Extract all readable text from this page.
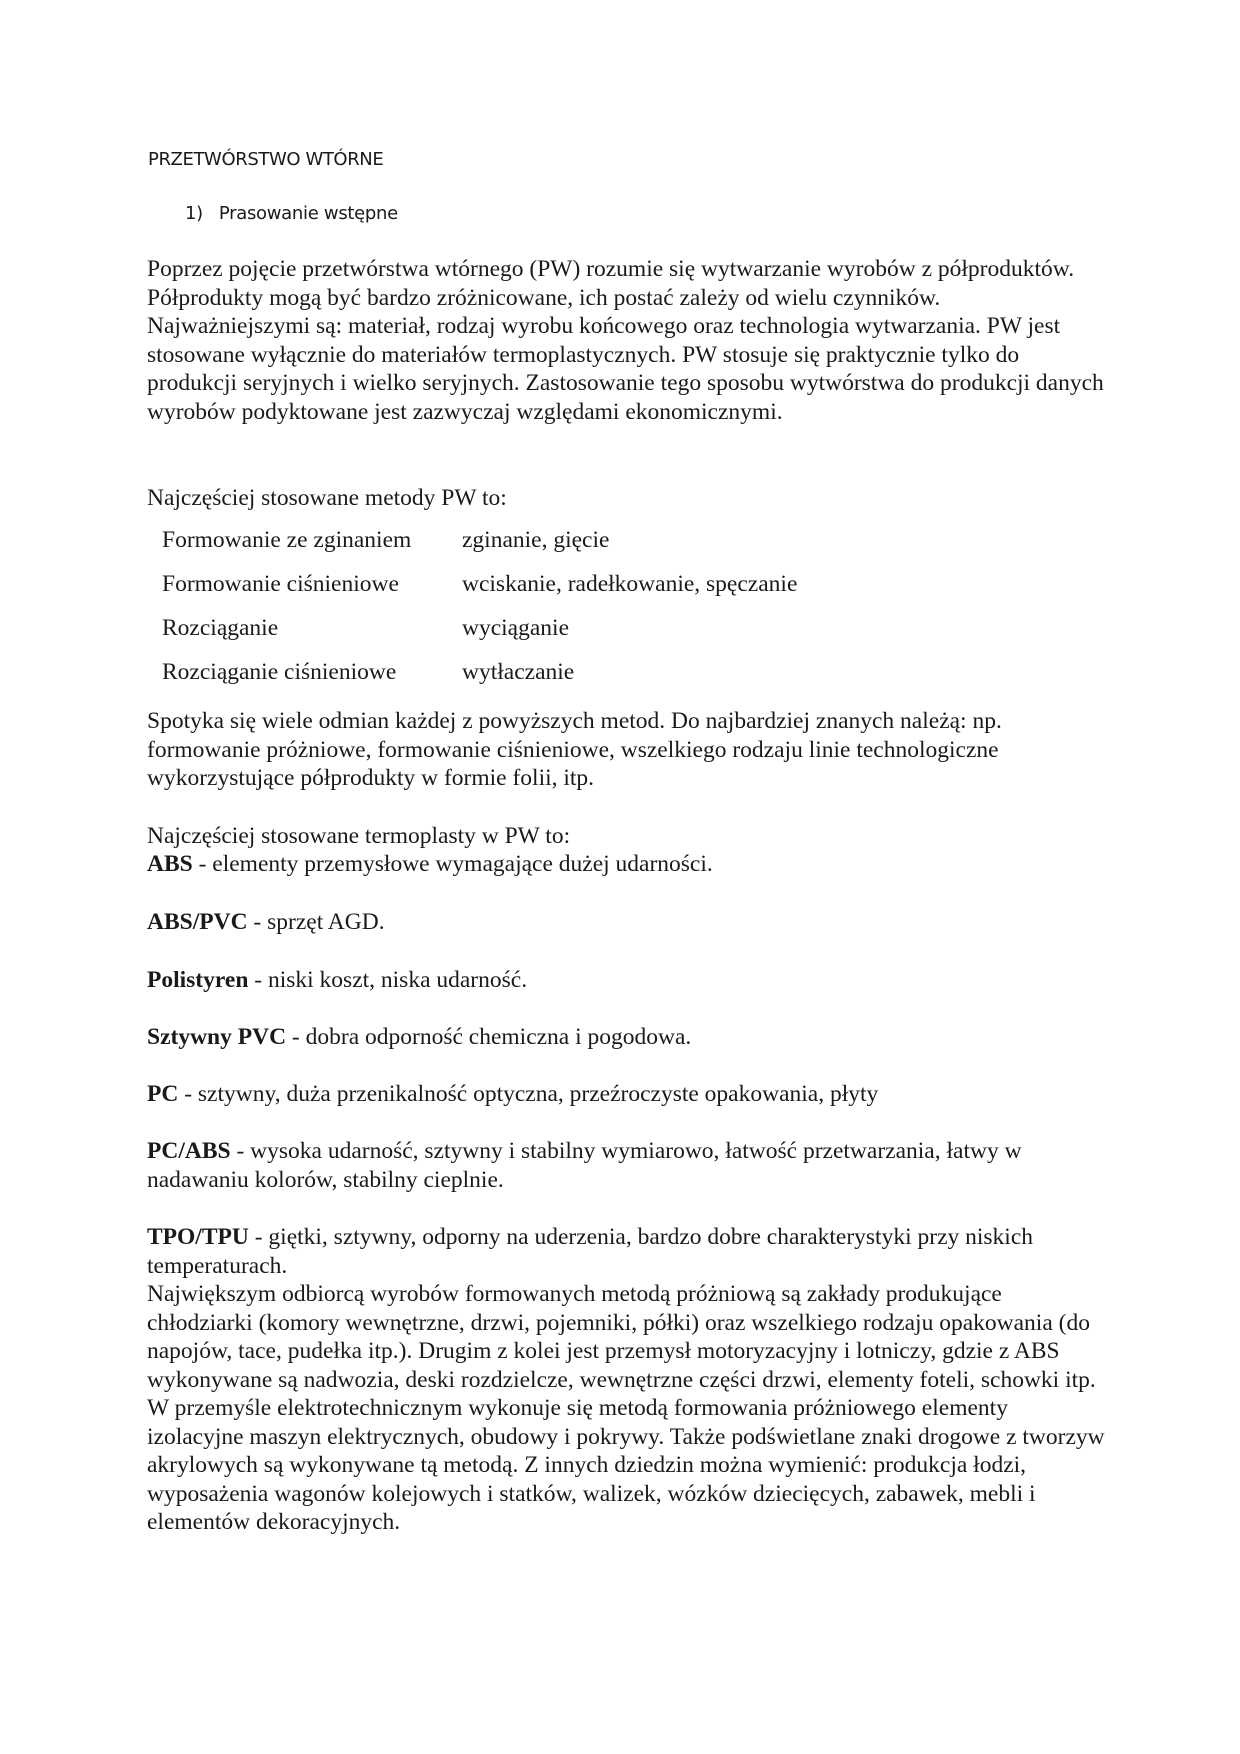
PRZETWÓRSTWO WTÓRNE
1) Prasowanie wstępne

Poprzez pojęcie przetwórstwa wtórnego (PW) rozumie się wytwarzanie wyrobów z półproduktów. Półprodukty mogą być bardzo zróżnicowane, ich postać zależy od wielu czynników. Najważniejszymi są: materiał, rodzaj wyrobu końcowego oraz technologia wytwarzania. PW jest stosowane wyłącznie do materiałów termoplastycznych. PW stosuje się praktycznie tylko do produkcji seryjnych i wielko seryjnych. Zastosowanie tego sposobu wytwórstwa do produkcji danych wyrobów podyktowane jest zazwyczaj względami ekonomicznymi.

Najczęściej stosowane metody PW to:

Formowanie ze zginaniem	zginanie, gięcie
Formowanie ciśnieniowe	wciskanie, radełkowanie, spęczanie
Rozciąganie	wyciąganie
Rozciąganie ciśnieniowe	wytłaczanie

Spotyka się wiele odmian każdej z powyższych metod. Do najbardziej znanych należą: np. formowanie próżniowe, formowanie ciśnieniowe, wszelkiego rodzaju linie technologiczne wykorzystujące półprodukty w formie folii, itp.

Najczęściej stosowane termoplasty w PW to:

ABS - elementy przemysłowe wymagające dużej udarności.

ABS/PVC - sprzęt AGD.

Polistyren - niski koszt, niska udarność.

Sztywny PVC - dobra odporność chemiczna i pogodowa.

PC - sztywny, duża przenikalność optyczna, przeźroczyste opakowania, płyty

PC/ABS - wysoka udarność, sztywny i stabilny wymiarowo, łatwość przetwarzania, łatwy w nadawaniu kolorów, stabilny cieplnie.

TPO/TPU - giętki, sztywny, odporny na uderzenia, bardzo dobre charakterystyki przy niskich temperaturach.

Największym odbiorcą wyrobów formowanych metodą próżniową są zakłady produkujące chłodziarki (komory wewnętrzne, drzwi, pojemniki, półki) oraz wszelkiego rodzaju opakowania (do napojów, tace, pudełka itp.). Drugim z kolei jest przemysł motoryzacyjny i lotniczy, gdzie z ABS wykonywane są nadwozia, deski rozdzielcze, wewnętrzne części drzwi, elementy foteli, schowki itp. W przemyśle elektrotechnicznym wykonuje się metodą formowania próżniowego elementy izolacyjne maszyn elektrycznych, obudowy i pokrywy. Także podświetlane znaki drogowe z tworzyw akrylowych są wykonywane tą metodą. Z innych dziedzin można wymienić: produkcja łodzi, wyposażenia wagonów kolejowych i statków, walizek, wózków dziecięcych, zabawek, mebli i elementów dekoracyjnych.
